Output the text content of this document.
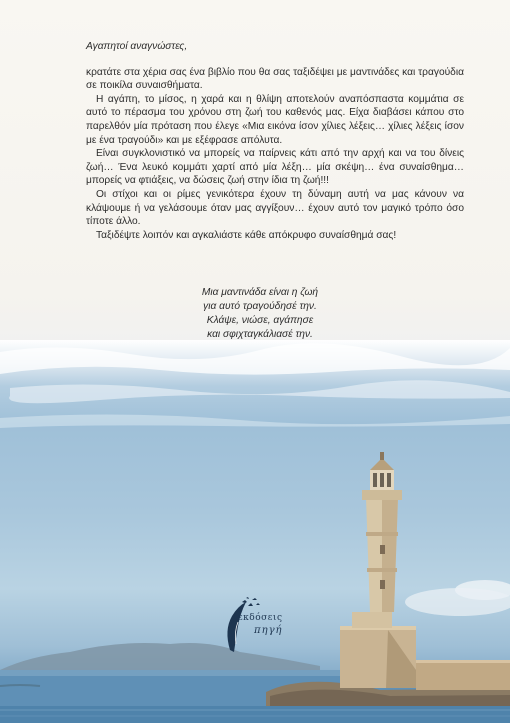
Αγαπητοί αναγνώστες,

κρατάτε στα χέρια σας ένα βιβλίο που θα σας ταξιδέψει με μαντινάδες και τραγούδια σε ποικίλα συναισθήματα.

Η αγάπη, το μίσος, η χαρά και η θλίψη αποτελούν αναπόσπαστα κομμάτια σε αυτό το πέρασμα του χρόνου στη ζωή του καθενός μας. Είχα διαβάσει κάπου στο παρελθόν μία πρόταση που έλεγε «Μια εικόνα ίσον χίλιες λέξεις… χίλιες λέξεις ίσον με ένα τραγούδι» και με εξέφρασε απόλυτα.

Είναι συγκλονιστικό να μπορείς να παίρνεις κάτι από την αρχή και να του δίνεις ζωή… Ένα λευκό κομμάτι χαρτί από μία λέξη… μία σκέψη… ένα συναίσθημα… μπορείς να φτιάξεις, να δώσεις ζωή στην ίδια τη ζωή!!!

Οι στίχοι και οι ρίμες γενικότερα έχουν τη δύναμη αυτή να μας κάνουν να κλάψουμε ή να γελάσουμε όταν μας αγγίξουν… έχουν αυτό τον μαγικό τρόπο όσο τίποτε άλλο.

Ταξιδέψτε λοιπόν και αγκαλιάστε κάθε απόκρυφο συναίσθημά σας!

Μια μαντινάδα είναι η ζωή
για αυτό τραγούδησέ την.
Κλάψε, νιώσε, αγάπησε
και σφιχταγκάλιασέ την.
εκδόσεις
πηγή
